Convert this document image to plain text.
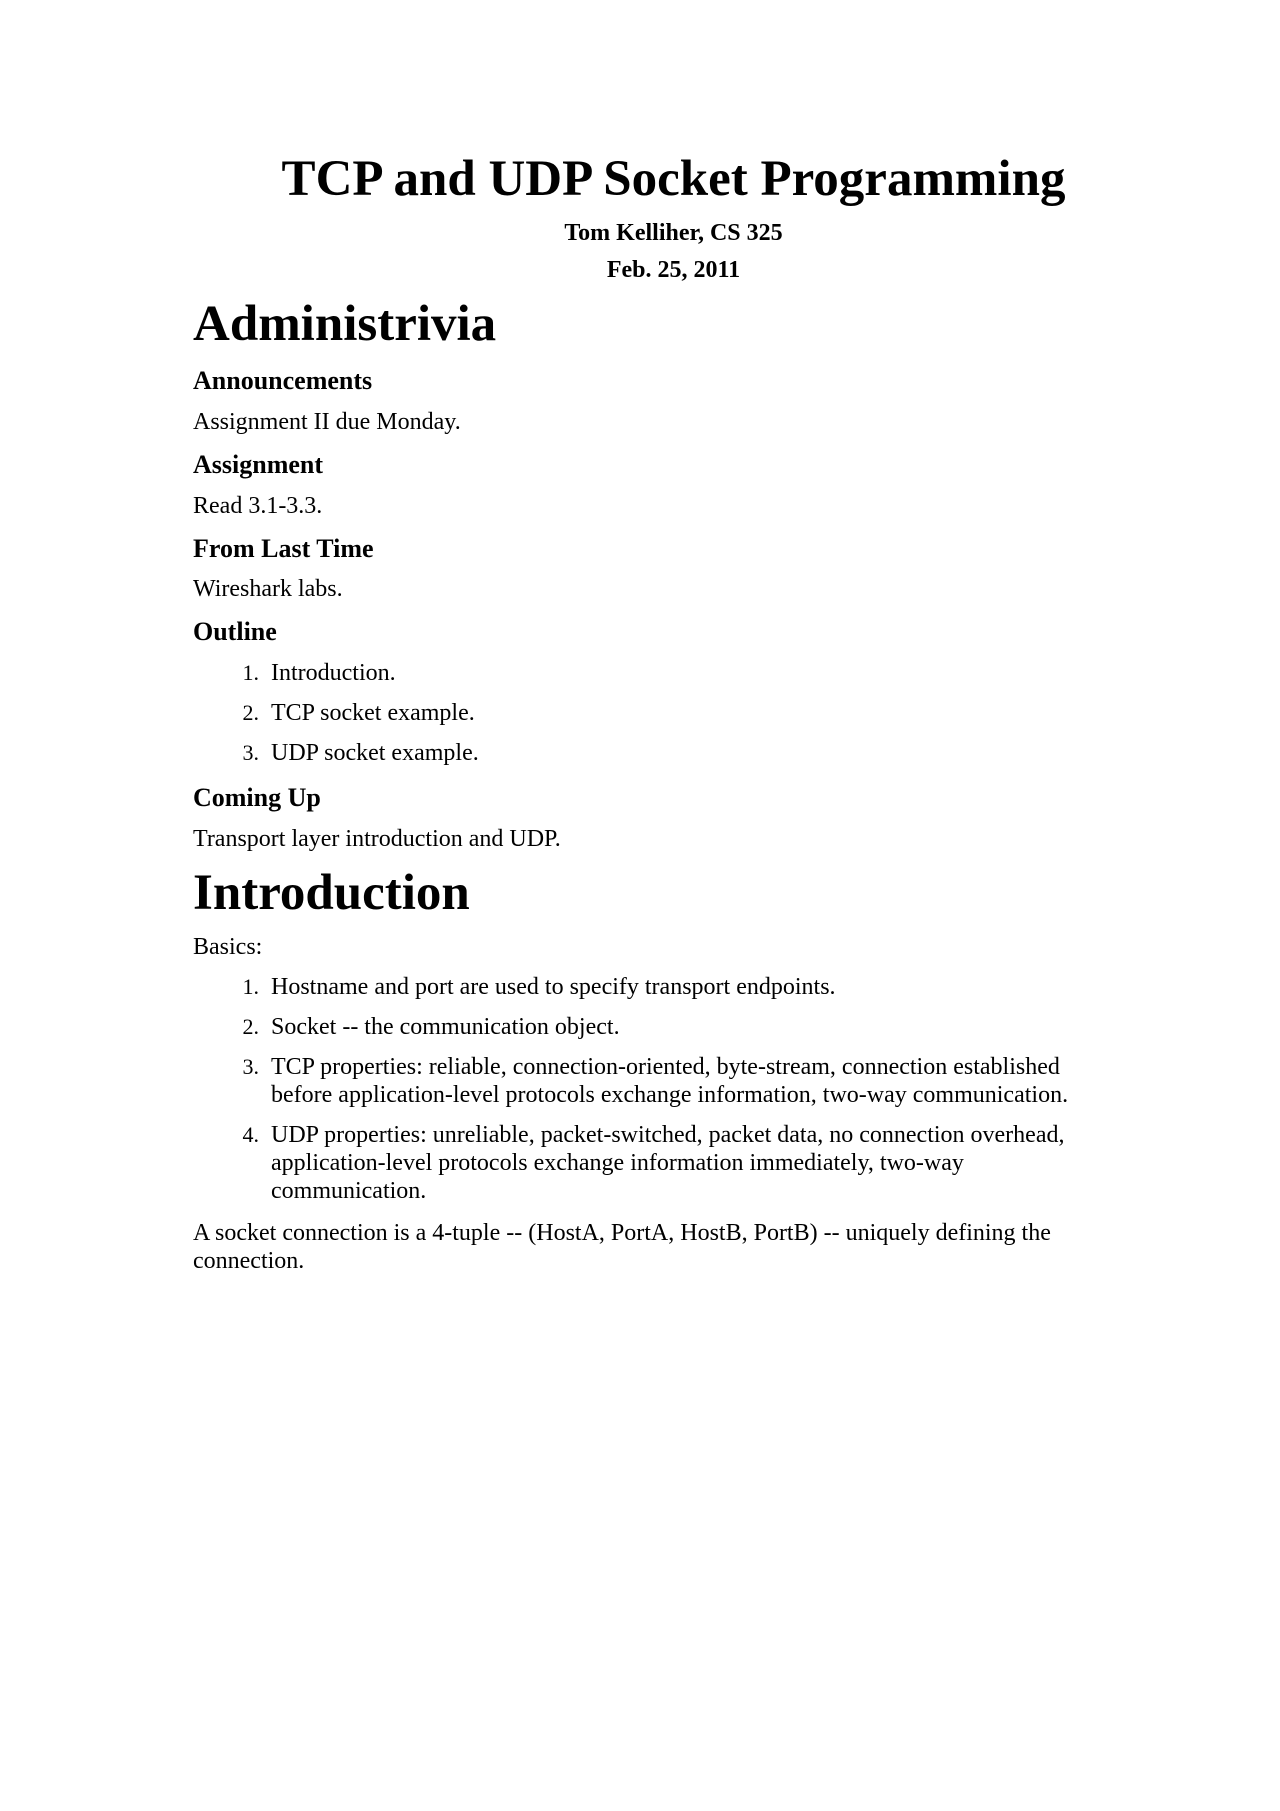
TCP and UDP Socket Programming
Tom Kelliher, CS 325
Feb. 25, 2011
Administrivia
Announcements

Assignment II due Monday.

Assignment

Read 3.1-3.3.

From Last Time

Wireshark labs.

Outline
1. Introduction.
2. TCP socket example.
3. UDP socket example.
Coming Up

Transport layer introduction and UDP.

Introduction

Basics:

1. Hostname and port are used to specify transport endpoints.
2. Socket -- the communication object.
3. TCP properties: reliable, connection-oriented, byte-stream, connection established before application-level protocols exchange information, two-way communication.
4. UDP properties: unreliable, packet-switched, packet data, no connection overhead, application-level protocols exchange information immediately, two-way communication.

A socket connection is a 4-tuple -- (HostA, PortA, HostB, PortB) -- uniquely defining the connection.
